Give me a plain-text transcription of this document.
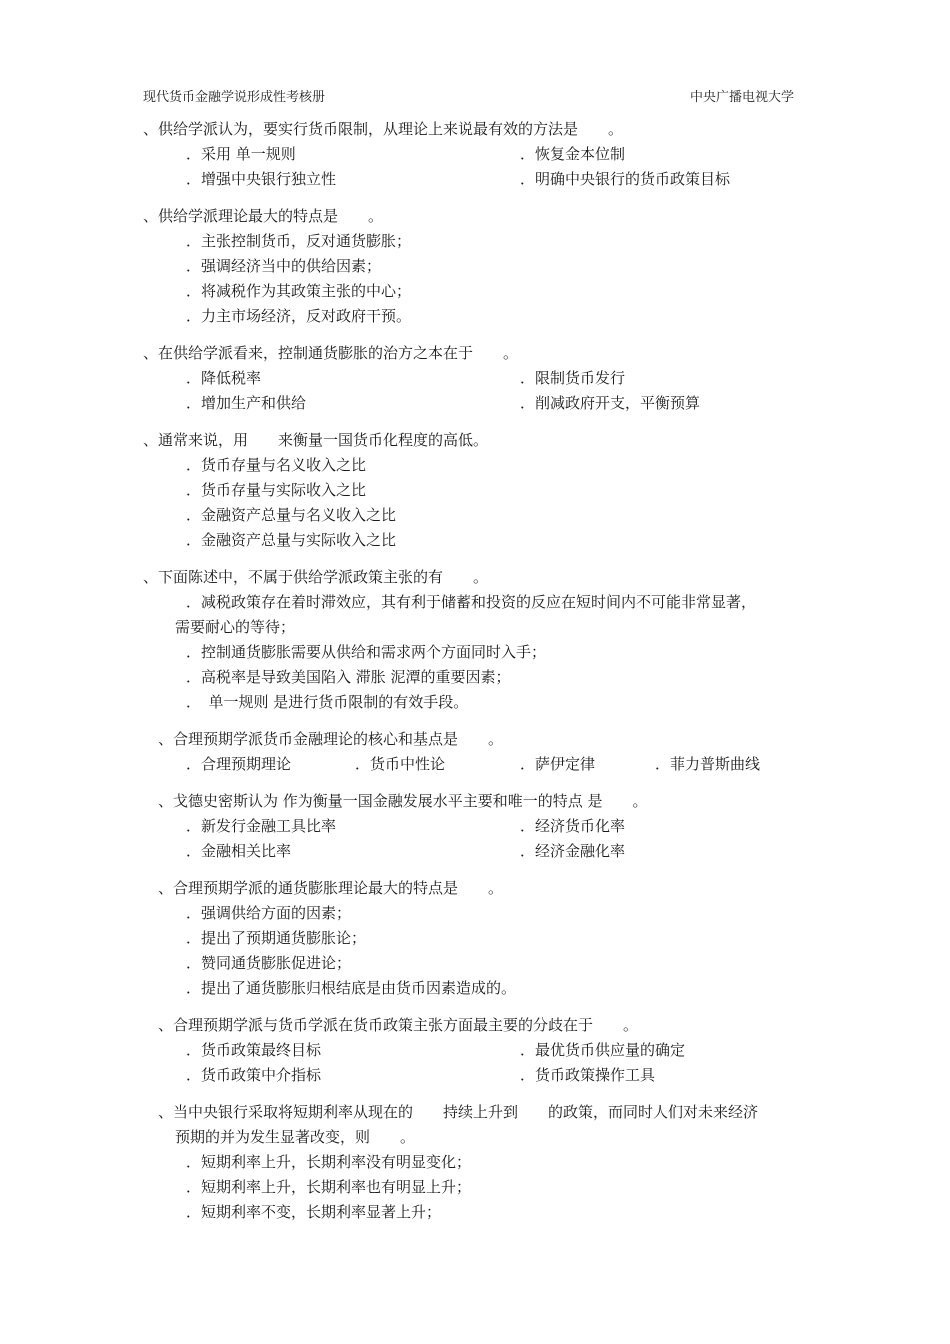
现代货币金融学说形成性考核册	中央广播电视大学
、供给学派认为，要实行货币限制，从理论上来说最有效的方法是　　。
．采用 单一规则	．恢复金本位制
．增强中央银行独立性	．明确中央银行的货币政策目标
、供给学派理论最大的特点是　　。
．主张控制货币，反对通货膨胀；
．强调经济当中的供给因素；
．将减税作为其政策主张的中心；
．力主市场经济，反对政府干预。
、在供给学派看来，控制通货膨胀的治方之本在于　　。
．降低税率	．限制货币发行
．增加生产和供给	．削减政府开支，平衡预算
、通常来说，用　　来衡量一国货币化程度的高低。
．货币存量与名义收入之比
．货币存量与实际收入之比
．金融资产总量与名义收入之比
．金融资产总量与实际收入之比
、下面陈述中，不属于供给学派政策主张的有　　。
．减税政策存在着时滞效应，其有利于储蓄和投资的反应在短时间内不可能非常显著，
需要耐心的等待；
．控制通货膨胀需要从供给和需求两个方面同时入手；
．高税率是导致美国陷入 滞胀 泥潭的重要因素；
．　单一规则 是进行货币限制的有效手段。
、合理预期学派货币金融理论的核心和基点是　　。
．合理预期理论	．货币中性论	．萨伊定律	．菲力普斯曲线
、戈德史密斯认为 作为衡量一国金融发展水平主要和唯一的特点 是　　。
．新发行金融工具比率	．经济货币化率
．金融相关比率	．经济金融化率
、合理预期学派的通货膨胀理论最大的特点是　　。
．强调供给方面的因素；
．提出了预期通货膨胀论；
．赞同通货膨胀促进论；
．提出了通货膨胀归根结底是由货币因素造成的。
、合理预期学派与货币学派在货币政策主张方面最主要的分歧在于　　。
．货币政策最终目标	．最优货币供应量的确定
．货币政策中介指标	．货币政策操作工具
、当中央银行采取将短期利率从现在的　　持续上升到　　的政策，而同时人们对未来经济
预期的并为发生显著改变，则　　。
．短期利率上升，长期利率没有明显变化；
．短期利率上升，长期利率也有明显上升；
．短期利率不变，长期利率显著上升；
